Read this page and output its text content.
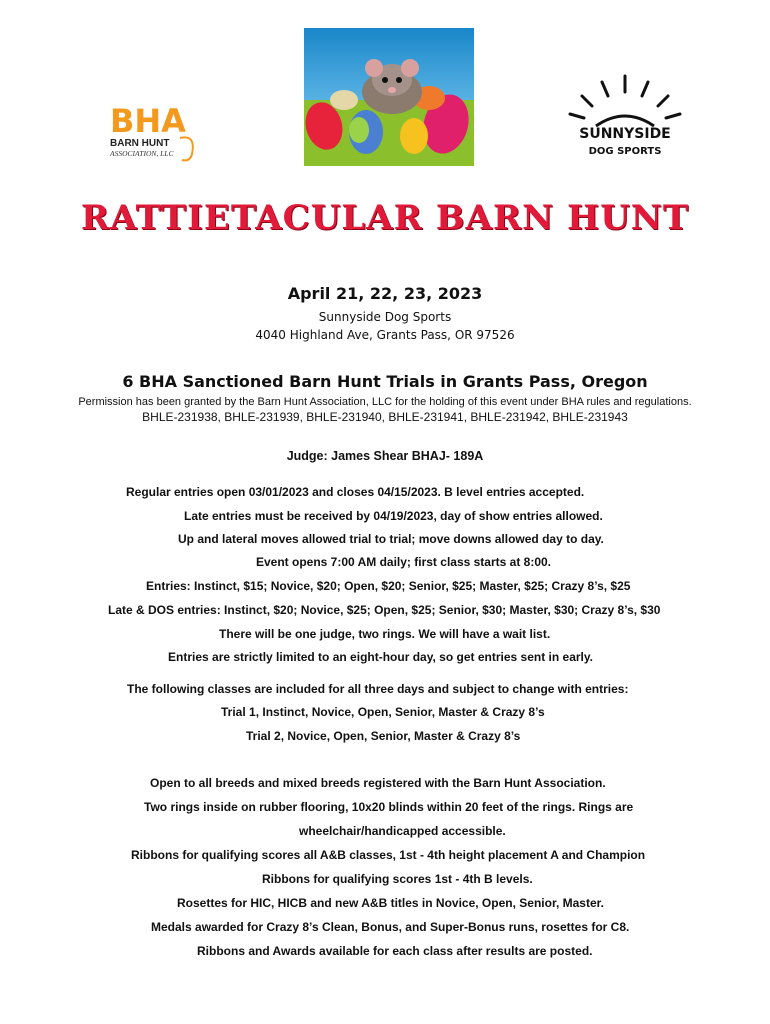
BHA
BARN HUNT
ASSOCIATION, LLC
SUNNYSIDE
DOG SPORTS
RATTIETACULAR BARN HUNT
April 21, 22, 23, 2023
Sunnyside Dog Sports
4040 Highland Ave, Grants Pass, OR 97526
6 BHA Sanctioned Barn Hunt Trials in Grants Pass, Oregon
Permission has been granted by the Barn Hunt Association, LLC for the holding of this event under BHA rules and regulations.
BHLE-231938, BHLE-231939, BHLE-231940, BHLE-231941, BHLE-231942, BHLE-231943
Judge: James Shear BHAJ- 189A
Regular entries open 03/01/2023 and closes 04/15/2023. B level entries accepted.
Late entries must be received by 04/19/2023, day of show entries allowed.
Up and lateral moves allowed trial to trial; move downs allowed day to day.
Event opens 7:00 AM daily; first class starts at 8:00.
Entries: Instinct, $15; Novice, $20; Open, $20; Senior, $25; Master, $25; Crazy 8’s, $25
Late & DOS entries: Instinct, $20; Novice, $25; Open, $25; Senior, $30; Master, $30; Crazy 8’s, $30
There will be one judge, two rings. We will have a wait list.
Entries are strictly limited to an eight-hour day, so get entries sent in early.
The following classes are included for all three days and subject to change with entries:
Trial 1, Instinct, Novice, Open, Senior, Master & Crazy 8’s
Trial 2, Novice, Open, Senior, Master & Crazy 8’s
Open to all breeds and mixed breeds registered with the Barn Hunt Association.
Two rings inside on rubber flooring, 10x20 blinds within 20 feet of the rings. Rings are
wheelchair/handicapped accessible.
Ribbons for qualifying scores all A&B classes, 1st - 4th height placement A and Champion
Ribbons for qualifying scores 1st - 4th B levels.
Rosettes for HIC, HICB and new A&B titles in Novice, Open, Senior, Master.
Medals awarded for Crazy 8’s Clean, Bonus, and Super-Bonus runs, rosettes for C8.
Ribbons and Awards available for each class after results are posted.
